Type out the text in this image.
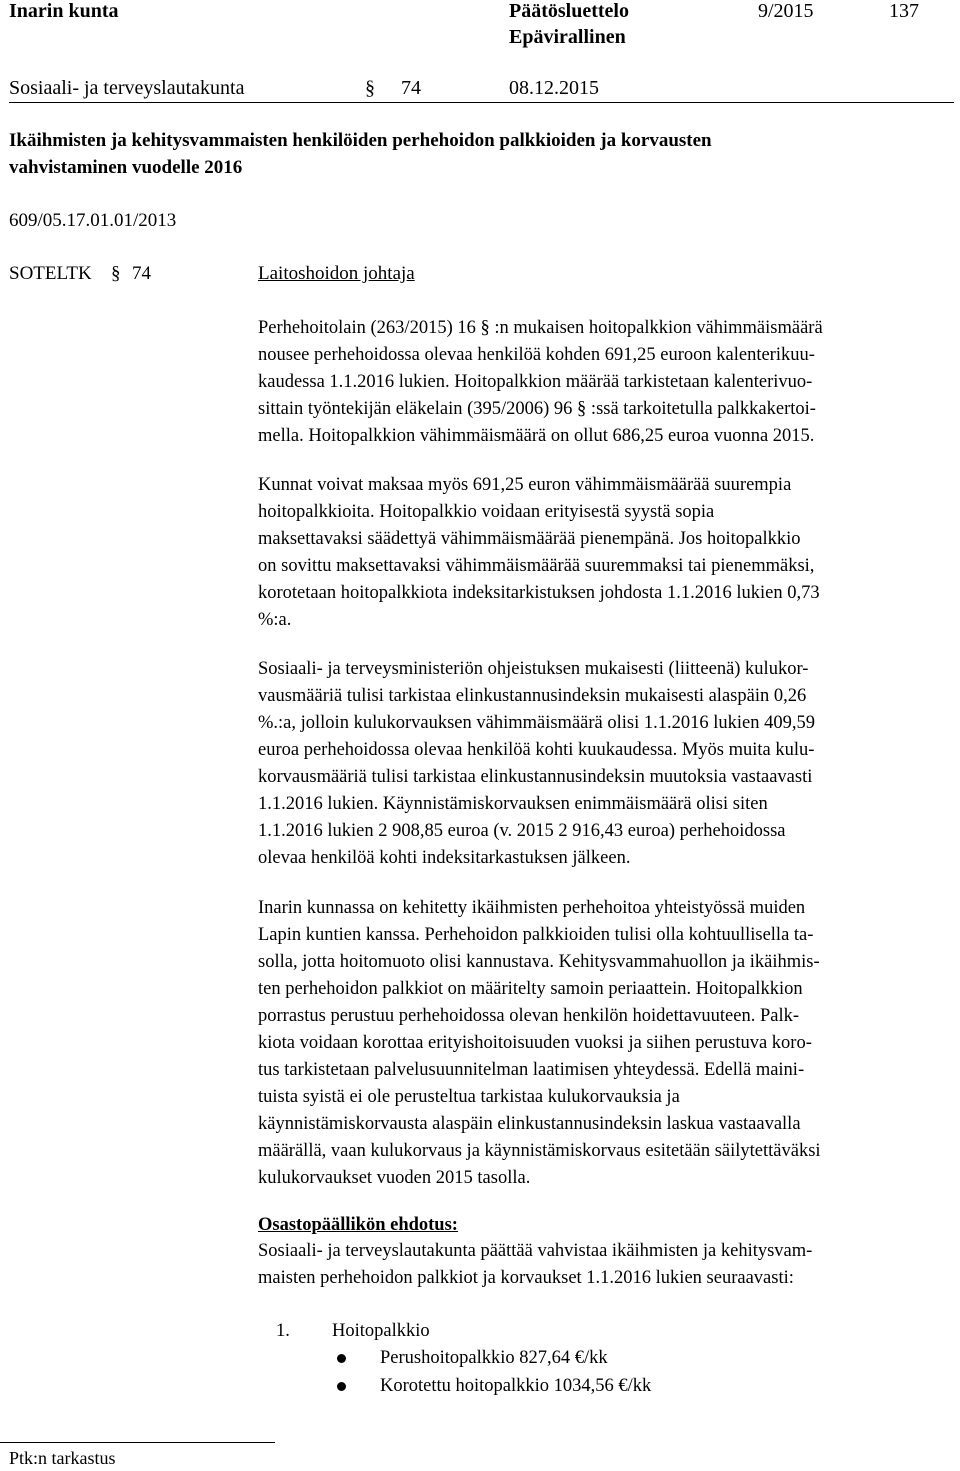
Inarin kunta	Päätösluettelo
Epävirallinen
9/2015	137
Sosiaali- ja terveyslautakunta	§ 74	08.12.2015
Ikäihmisten ja kehitysvammaisten henkilöiden perhehoidon palkkioiden ja korvausten
vahvistaminen vuodelle 2016
609/05.17.01.01/2013
SOTELTK § 74	Laitoshoidon johtaja
Perhehoitolain (263/2015) 16 § :n mukaisen hoitopalkkion vähimmäismäärä
nousee perhehoidossa olevaa henkilöä kohden 691,25 euroon kalenterikuu-
kaudessa 1.1.2016 lukien. Hoitopalkkion määrää tarkistetaan kalenterivuo-
sittain työntekijän eläkelain (395/2006) 96 § :ssä tarkoitetulla palkkakertoi-
mella. Hoitopalkkion vähimmäismäärä on ollut 686,25 euroa vuonna 2015.
Kunnat voivat maksaa myös 691,25 euron vähimmäismäärää suurempia
hoitopalkkioita. Hoitopalkkio voidaan erityisestä syystä sopia
maksettavaksi säädettyä vähimmäismäärää pienempänä. Jos hoitopalkkio
on sovittu maksettavaksi vähimmäismäärää suuremmaksi tai pienemmäksi,
korotetaan hoitopalkkiota indeksitarkistuksen johdosta 1.1.2016 lukien 0,73
%:a.
Sosiaali- ja terveysministeriön ohjeistuksen mukaisesti (liitteenä) kulukor-
vausmääriä tulisi tarkistaa elinkustannusindeksin mukaisesti alaspäin 0,26
%.:a, jolloin kulukorvauksen vähimmäismäärä olisi 1.1.2016 lukien 409,59
euroa perhehoidossa olevaa henkilöä kohti kuukaudessa. Myös muita kulu-
korvausmääriä tulisi tarkistaa elinkustannusindeksin muutoksia vastaavasti
1.1.2016 lukien. Käynnistämiskorvauksen enimmäismäärä olisi siten
1.1.2016 lukien 2 908,85 euroa (v. 2015 2 916,43 euroa) perhehoidossa
olevaa henkilöä kohti indeksitarkastuksen jälkeen.
Inarin kunnassa on kehitetty ikäihmisten perhehoitoa yhteistyössä muiden
Lapin kuntien kanssa. Perhehoidon palkkioiden tulisi olla kohtuullisella ta-
solla, jotta hoitomuoto olisi kannustava. Kehitysvammahuollon ja ikäihmis-
ten perhehoidon palkkiot on määritelty samoin periaattein. Hoitopalkkion
porrastus perustuu perhehoidossa olevan henkilön hoidettavuuteen. Palk-
kiota voidaan korottaa erityishoitoisuuden vuoksi ja siihen perustuva koro-
tus tarkistetaan palvelusuunnitelman laatimisen yhteydessä. Edellä maini-
tuista syistä ei ole perusteltua tarkistaa kulukorvauksia ja
käynnistämiskorvausta alaspäin elinkustannusindeksin laskua vastaavalla
määrällä, vaan kulukorvaus ja käynnistämiskorvaus esitetään säilytettäväksi
kulukorvaukset vuoden 2015 tasolla.
Osastopäällikön ehdotus:
Sosiaali- ja terveyslautakunta päättää vahvistaa ikäihmisten ja kehitysvam-
maisten perhehoidon palkkiot ja korvaukset 1.1.2016 lukien seuraavasti:
1. Hoitopalkkio
Perushoitopalkkio 827,64 €/kk
Korotettu hoitopalkkio 1034,56 €/kk
Ptk:n tarkastus
